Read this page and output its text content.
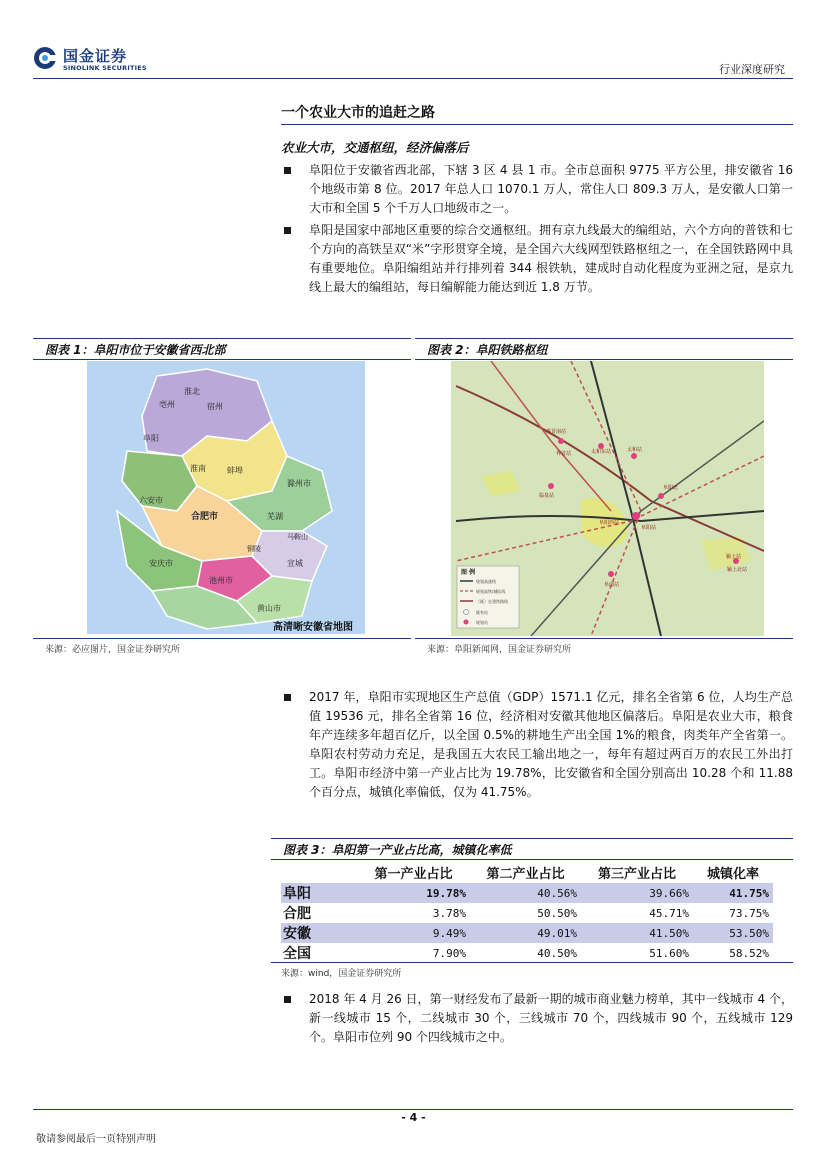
国金证券
SINOLINK SECURITIES	行业深度研究
一个农业大市的追赶之路
农业大市，交通枢纽，经济偏落后
阜阳位于安徽省西北部，下辖 3 区 4 县 1 市。全市总面积 9775 平方公里，排安徽省 16 个地级市第 8 位。2017 年总人口 1070.1 万人，常住人口 809.3 万人，是安徽人口第一大市和全国 5 个千万人口地级市之一。
阜阳是国家中部地区重要的综合交通枢纽。拥有京九线最大的编组站，六个方向的普铁和七个方向的高铁呈双“米”字形贯穿全境，是全国六大线网型铁路枢纽之一，在全国铁路网中具有重要地位。阜阳编组站并行排列着 344 根铁轨，建成时自动化程度为亚洲之冠，是京九线上最大的编组站，每日编解能力能达到近 1.8 万节。
图表 1：阜阳市位于安徽省西北部
亳州	宿州
淮北
阜阳
蚌埠
淮南
滁州市
合肥市
六安市
芜湖
马鞍山
安庆市
池州市
黄山市
宣城
铜陵
高清晰安徽省地图
来源：必应图片，国金证券研究所
图表 2：阜阳铁路枢纽
界首南站
界首站	太和东站	太和站
临泉站
阜阳西站
阜阳站
阜阳北
阜南站
颍上站
颍上北站
图 例
规划高速线
规划高铁/城际线
（既）在建铁路线
既有站
规划站
来源：阜阳新闻网，国金证券研究所
2017 年，阜阳市实现地区生产总值（GDP）1571.1 亿元，排名全省第 6 位，人均生产总值 19536 元，排名全省第 16 位，经济相对安徽其他地区偏落后。阜阳是农业大市，粮食年产连续多年超百亿斤，以全国 0.5%的耕地生产出全国 1%的粮食，肉类年产全省第一。阜阳农村劳动力充足，是我国五大农民工输出地之一，每年有超过两百万的农民工外出打工。阜阳市经济中第一产业占比为 19.78%，比安徽省和全国分别高出 10.28 个和 11.88 个百分点，城镇化率偏低，仅为 41.75%。
图表 3：阜阳第一产业占比高，城镇化率低
	第一产业占比	第二产业占比	第三产业占比	城镇化率
阜阳	19.78%	40.56%	39.66%	41.75%
合肥	3.78%	50.50%	45.71%	73.75%
安徽	9.49%	49.01%	41.50%	53.50%
全国	7.90%	40.50%	51.60%	58.52%
来源：wind，国金证券研究所
2018 年 4 月 26 日，第一财经发布了最新一期的城市商业魅力榜单，其中一线城市 4 个，新一线城市 15 个，二线城市 30 个，三线城市 70 个，四线城市 90 个，五线城市 129 个。阜阳市位列 90 个四线城市之中。
- 4 -
敬请参阅最后一页特别声明
